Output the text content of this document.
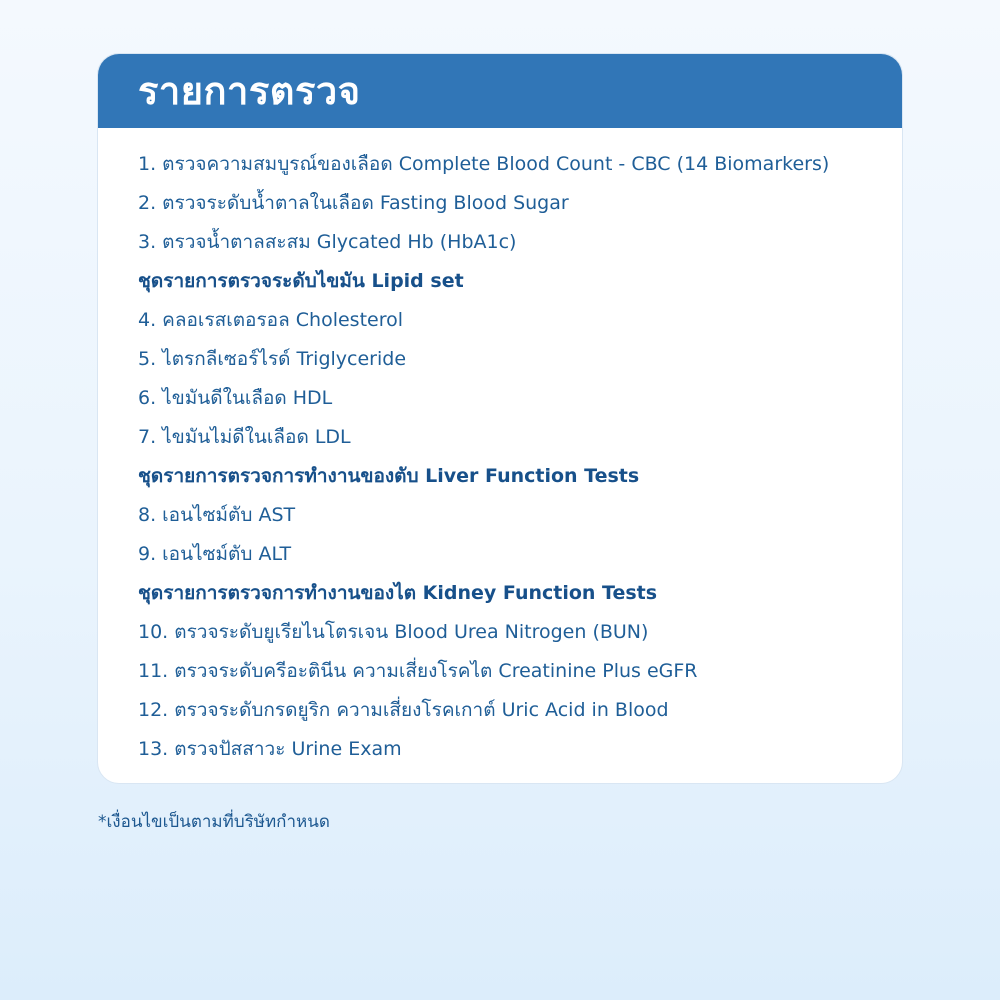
รายการตรวจ
1. ตรวจความสมบูรณ์ของเลือด Complete Blood Count - CBC (14 Biomarkers)
2. ตรวจระดับน้ำตาลในเลือด Fasting Blood Sugar
3. ตรวจน้ำตาลสะสม Glycated Hb (HbA1c)
ชุดรายการตรวจระดับไขมัน Lipid set
4. คลอเรสเตอรอล Cholesterol
5. ไตรกลีเซอร์ไรด์ Triglyceride
6. ไขมันดีในเลือด HDL
7. ไขมันไม่ดีในเลือด LDL
ชุดรายการตรวจการทำงานของตับ Liver Function Tests
8. เอนไซม์ตับ AST
9. เอนไซม์ตับ ALT
ชุดรายการตรวจการทำงานของไต Kidney Function Tests
10. ตรวจระดับยูเรียไนโตรเจน Blood Urea Nitrogen (BUN)
11. ตรวจระดับครีอะตินีน ความเสี่ยงโรคไต Creatinine Plus eGFR
12. ตรวจระดับกรดยูริก ความเสี่ยงโรคเกาต์ Uric Acid in Blood
13. ตรวจปัสสาวะ Urine Exam
*เงื่อนไขเป็นตามที่บริษัทกำหนด
